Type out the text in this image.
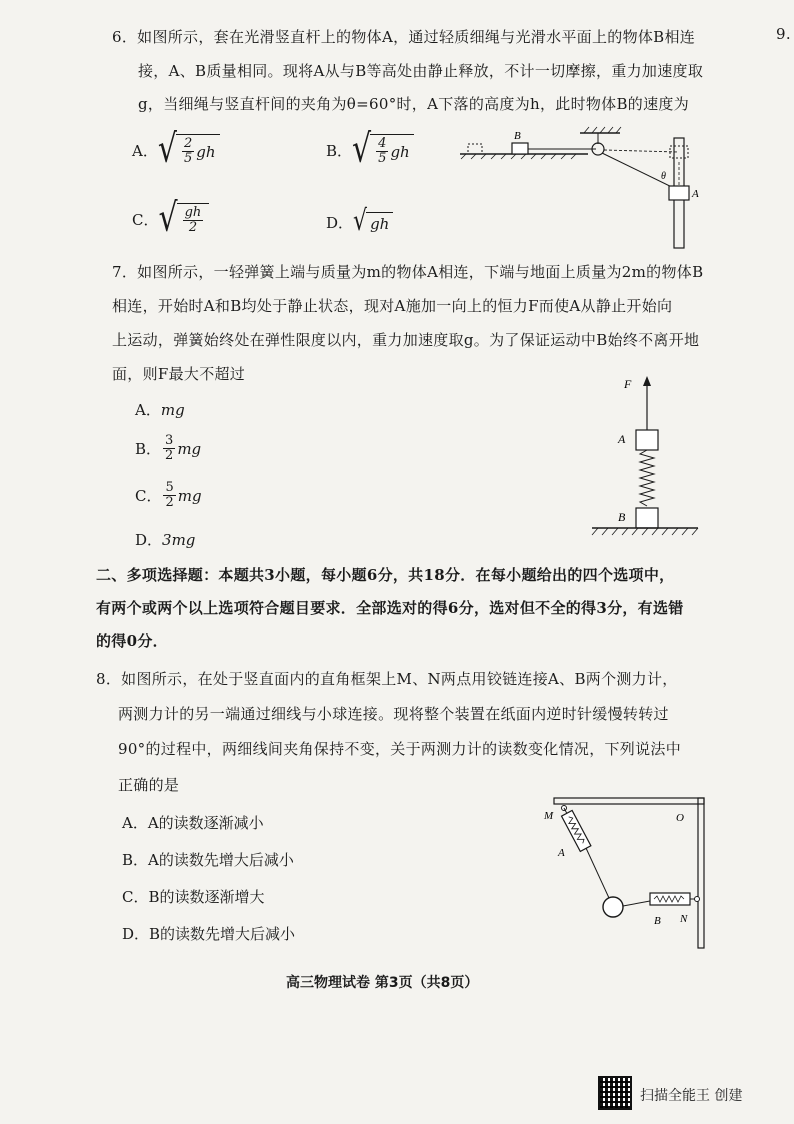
9.
6．如图所示，套在光滑竖直杆上的物体A，通过轻质细绳与光滑水平面上的物体B相连
接，A、B质量相同。现将A从与B等高处由静止释放，不计一切摩擦，重力加速度取
g，当细绳与竖直杆间的夹角为θ=60°时，A下落的高度为h，此时物体B的速度为
A． √ $\frac{2}{5}$ gh	B． √ $\frac{4}{5}$ gh
C． √ $\frac{gh}{2}$	D． √ gh
B
A
θ
7．如图所示，一轻弹簧上端与质量为m的物体A相连，下端与地面上质量为2m的物体B
相连，开始时A和B均处于静止状态，现对A施加一向上的恒力F而使A从静止开始向
上运动，弹簧始终处在弹性限度以内，重力加速度取g。为了保证运动中B始终不离开地
面，则F最大不超过
A．mg
B． $\frac{3}{2}$ mg
C． $\frac{5}{2}$ mg
D．3mg
F
A
B
二、多项选择题：本题共3小题，每小题6分，共18分．在每小题给出的四个选项中，
有两个或两个以上选项符合题目要求．全部选对的得6分，选对但不全的得3分，有选错
的得0分．
8．如图所示，在处于竖直面内的直角框架上M、N两点用铰链连接A、B两个测力计，
两测力计的另一端通过细线与小球连接。现将整个装置在纸面内逆时针缓慢转转过
90°的过程中，两细线间夹角保持不变，关于两测力计的读数变化情况，下列说法中
正确的是
A．A的读数逐渐减小
B．A的读数先增大后减小
C．B的读数逐渐增大
D．B的读数先增大后减小
M	O
A
B N
高三物理试卷 第3页（共8页）
扫描全能王 创建
